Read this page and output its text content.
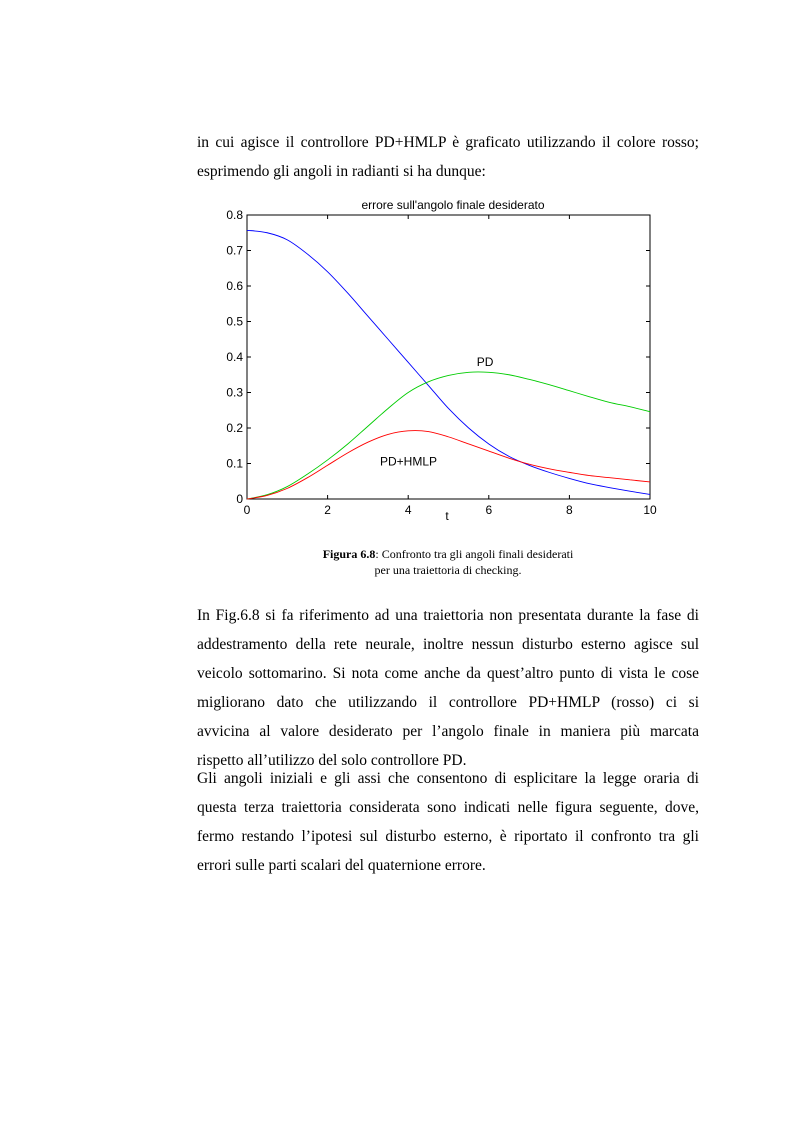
in cui agisce il controllore PD+HMLP è graficato utilizzando il colore rosso;
esprimendo gli angoli in radianti si ha dunque:
errore sull'angolo finale desiderato
0
0.1
0.2
0.3
0.4
0.5
0.6
0.7
0.8
0	2	4	6	8	10
PD
PD+HMLP
t
Figura 6.8: Confronto tra gli angoli finali desiderati
per una traiettoria di checking.
In Fig.6.8 si fa riferimento ad una traiettoria non presentata durante la fase di
addestramento della rete neurale, inoltre nessun disturbo esterno agisce sul
veicolo sottomarino. Si nota come anche da quest’altro punto di vista le cose
migliorano dato che utilizzando il controllore PD+HMLP (rosso) ci si
avvicina al valore desiderato per l’angolo finale in maniera più marcata
rispetto all’utilizzo del solo controllore PD.
Gli angoli iniziali e gli assi che consentono di esplicitare la legge oraria di
questa terza traiettoria considerata sono indicati nelle figura seguente, dove,
fermo restando l’ipotesi sul disturbo esterno, è riportato il confronto tra gli
errori sulle parti scalari del quaternione errore.
